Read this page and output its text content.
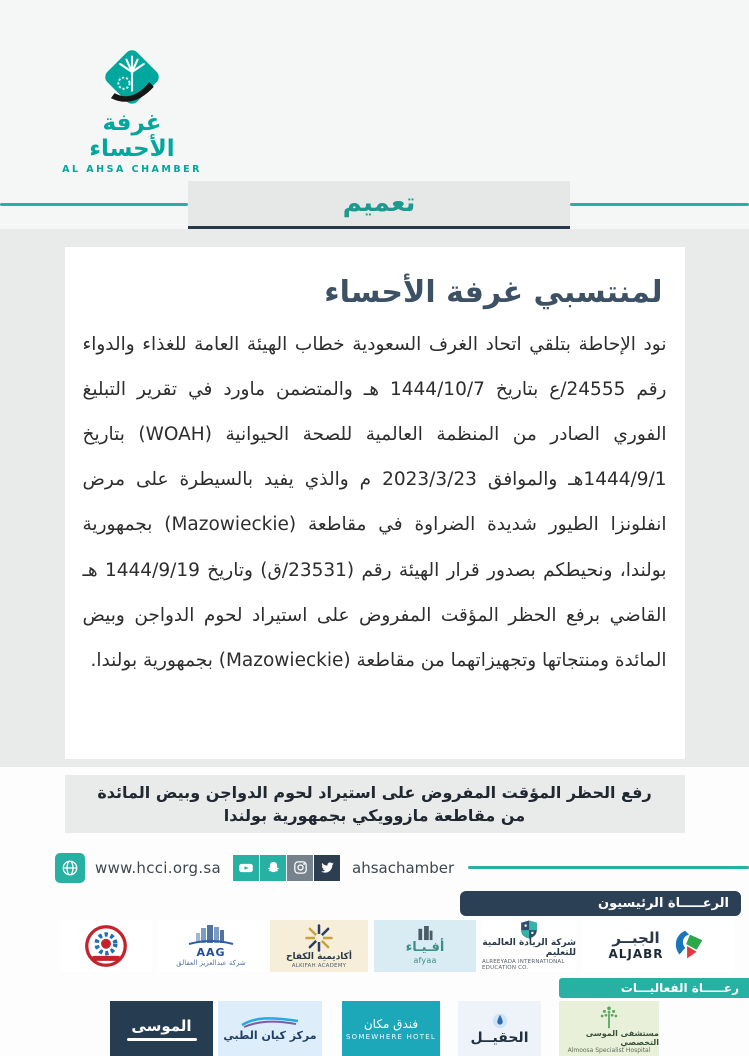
غرفة الأحساء
AL AHSA CHAMBER
تعميم
لمنتسبي غرفة الأحساء

نود الإحاطة بتلقي اتحاد الغرف السعودية خطاب الهيئة العامة للغذاء والدواء رقم 24555/ع بتاريخ 1444/10/7 هـ والمتضمن ماورد في تقرير التبليغ الفوري الصادر من المنظمة العالمية للصحة الحيوانية (WOAH) بتاريخ 1444/9/1هـ والموافق 2023/3/23 م والذي يفيد بالسيطرة على مرض انفلونزا الطيور شديدة الضراوة في مقاطعة (Mazowieckie) بجمهورية بولندا، ونحيطكم بصدور قرار الهيئة رقم (23531/ق) وتاريخ 1444/9/19 هـ القاضي برفع الحظر المؤقت المفروض على استيراد لحوم الدواجن وبيض المائدة ومنتجاتها وتجهيزاتهما من مقاطعة (Mazowieckie) بجمهورية بولندا.

رفع الحظر المؤقت المفروض على استيراد لحوم الدواجن وبيض المائدة من مقاطعة مازوويكي بجمهورية بولندا

www.hcci.org.sa	ahsachamber
الرعـــــاة الرئيسيون
AAG
شركة عبدالعزيز العفالق
أكاديمية الكفاح
ALKIFAH ACADEMY
أفـيـاء
afyaa
شركة الريادة العالمية للتعليم
ALREEYADA INTERNATIONAL EDUCATION CO.
الجبــر
ALJABR
رعـــــاة الفعاليـــات
الموسى
مركز كيان الطبي
فندق مكان
SOMEWHERE HOTEL الحقيــل	مستشفى الموسى التخصصي
Almoosa Specialist Hospital
